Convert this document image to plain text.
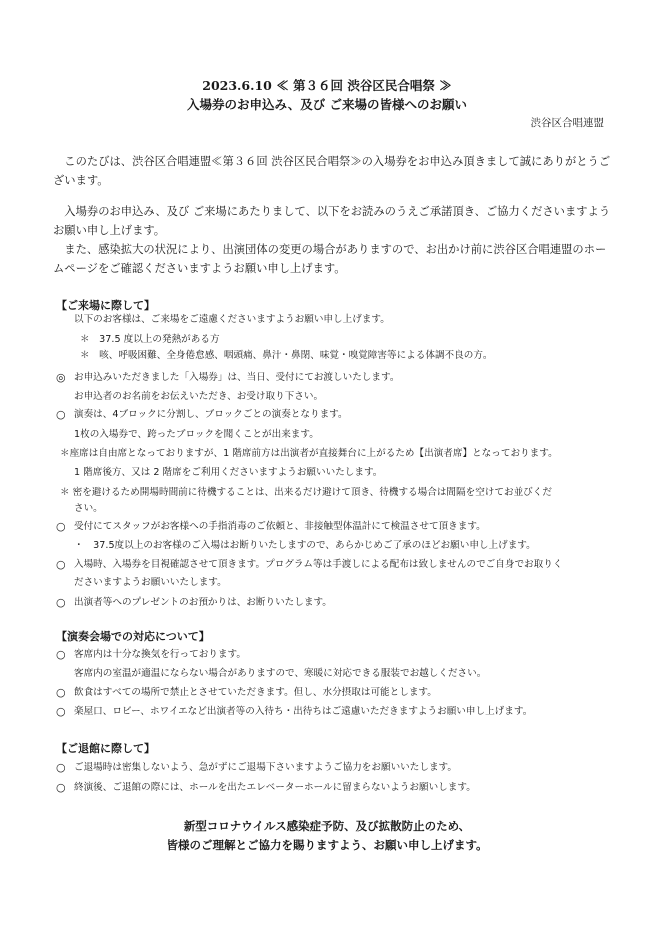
2023.6.10 ≪ 第３６回 渋谷区民合唱祭 ≫
入場券のお申込み、及び ご来場の皆様へのお願い
渋谷区合唱連盟

　このたびは、渋谷区合唱連盟≪第３６回 渋谷区民合唱祭≫の入場券をお申込み頂きまして誠にありがとうございます。

　入場券のお申込み、及び ご来場にあたりまして、以下をお読みのうえご承諾頂き、ご協力くださいますようお願い申し上げます。

　また、感染拡大の状況により、出演団体の変更の場合がありますので、お出かけ前に渋谷区合唱連盟のホームページをご確認くださいますようお願い申し上げます。

【ご来場に際して】
以下のお客様は、ご来場をご遠慮くださいますようお願い申し上げます。
＊　37.5 度以上の発熱がある方
＊　咳、呼吸困難、全身倦怠感、咽頭痛、鼻汁・鼻閉、味覚・嗅覚障害等による体調不良の方。
◎ お申込みいただきました「入場券」は、当日、受付にてお渡しいたします。
お申込者のお名前をお伝えいただき、お受け取り下さい。
○ 演奏は、4ブロックに分割し、ブロックごとの演奏となります。
1枚の入場券で、跨ったブロックを聞くことが出来ます。
＊座席は自由席となっておりますが、1 階席前方は出演者が直接舞台に上がるため【出演者席】となっております。
1 階席後方、又は 2 階席をご利用くださいますようお願いいたします。
＊ 密を避けるため開場時間前に待機することは、出来るだけ避けて頂き、待機する場合は間隔を空けてお並びくだ
さい。
○ 受付にてスタッフがお客様への手指消毒のご依頼と、非接触型体温計にて検温させて頂きます。
・　37.5度以上のお客様のご入場はお断りいたしますので、あらかじめご了承のほどお願い申し上げます。
○ 入場時、入場券を目視確認させて頂きます。プログラム等は手渡しによる配布は致しませんのでご自身でお取りく
ださいますようお願いいたします。
○ 出演者等へのプレゼントのお預かりは、お断りいたします。
【演奏会場での対応について】
○ 客席内は十分な換気を行っております。
客席内の室温が適温にならない場合がありますので、寒暖に対応できる服装でお越しください。
○ 飲食はすべての場所で禁止とさせていただきます。但し、水分摂取は可能とします。
○ 楽屋口、ロビー、ホワイエなど出演者等の入待ち・出待ちはご遠慮いただきますようお願い申し上げます。
【ご退館に際して】
○ ご退場時は密集しないよう、急がずにご退場下さいますようご協力をお願いいたします。
○ 終演後、ご退館の際には、ホールを出たエレベーターホールに留まらないようお願いします。
新型コロナウイルス感染症予防、及び拡散防止のため、
皆様のご理解とご協力を賜りますよう、お願い申し上げます。
